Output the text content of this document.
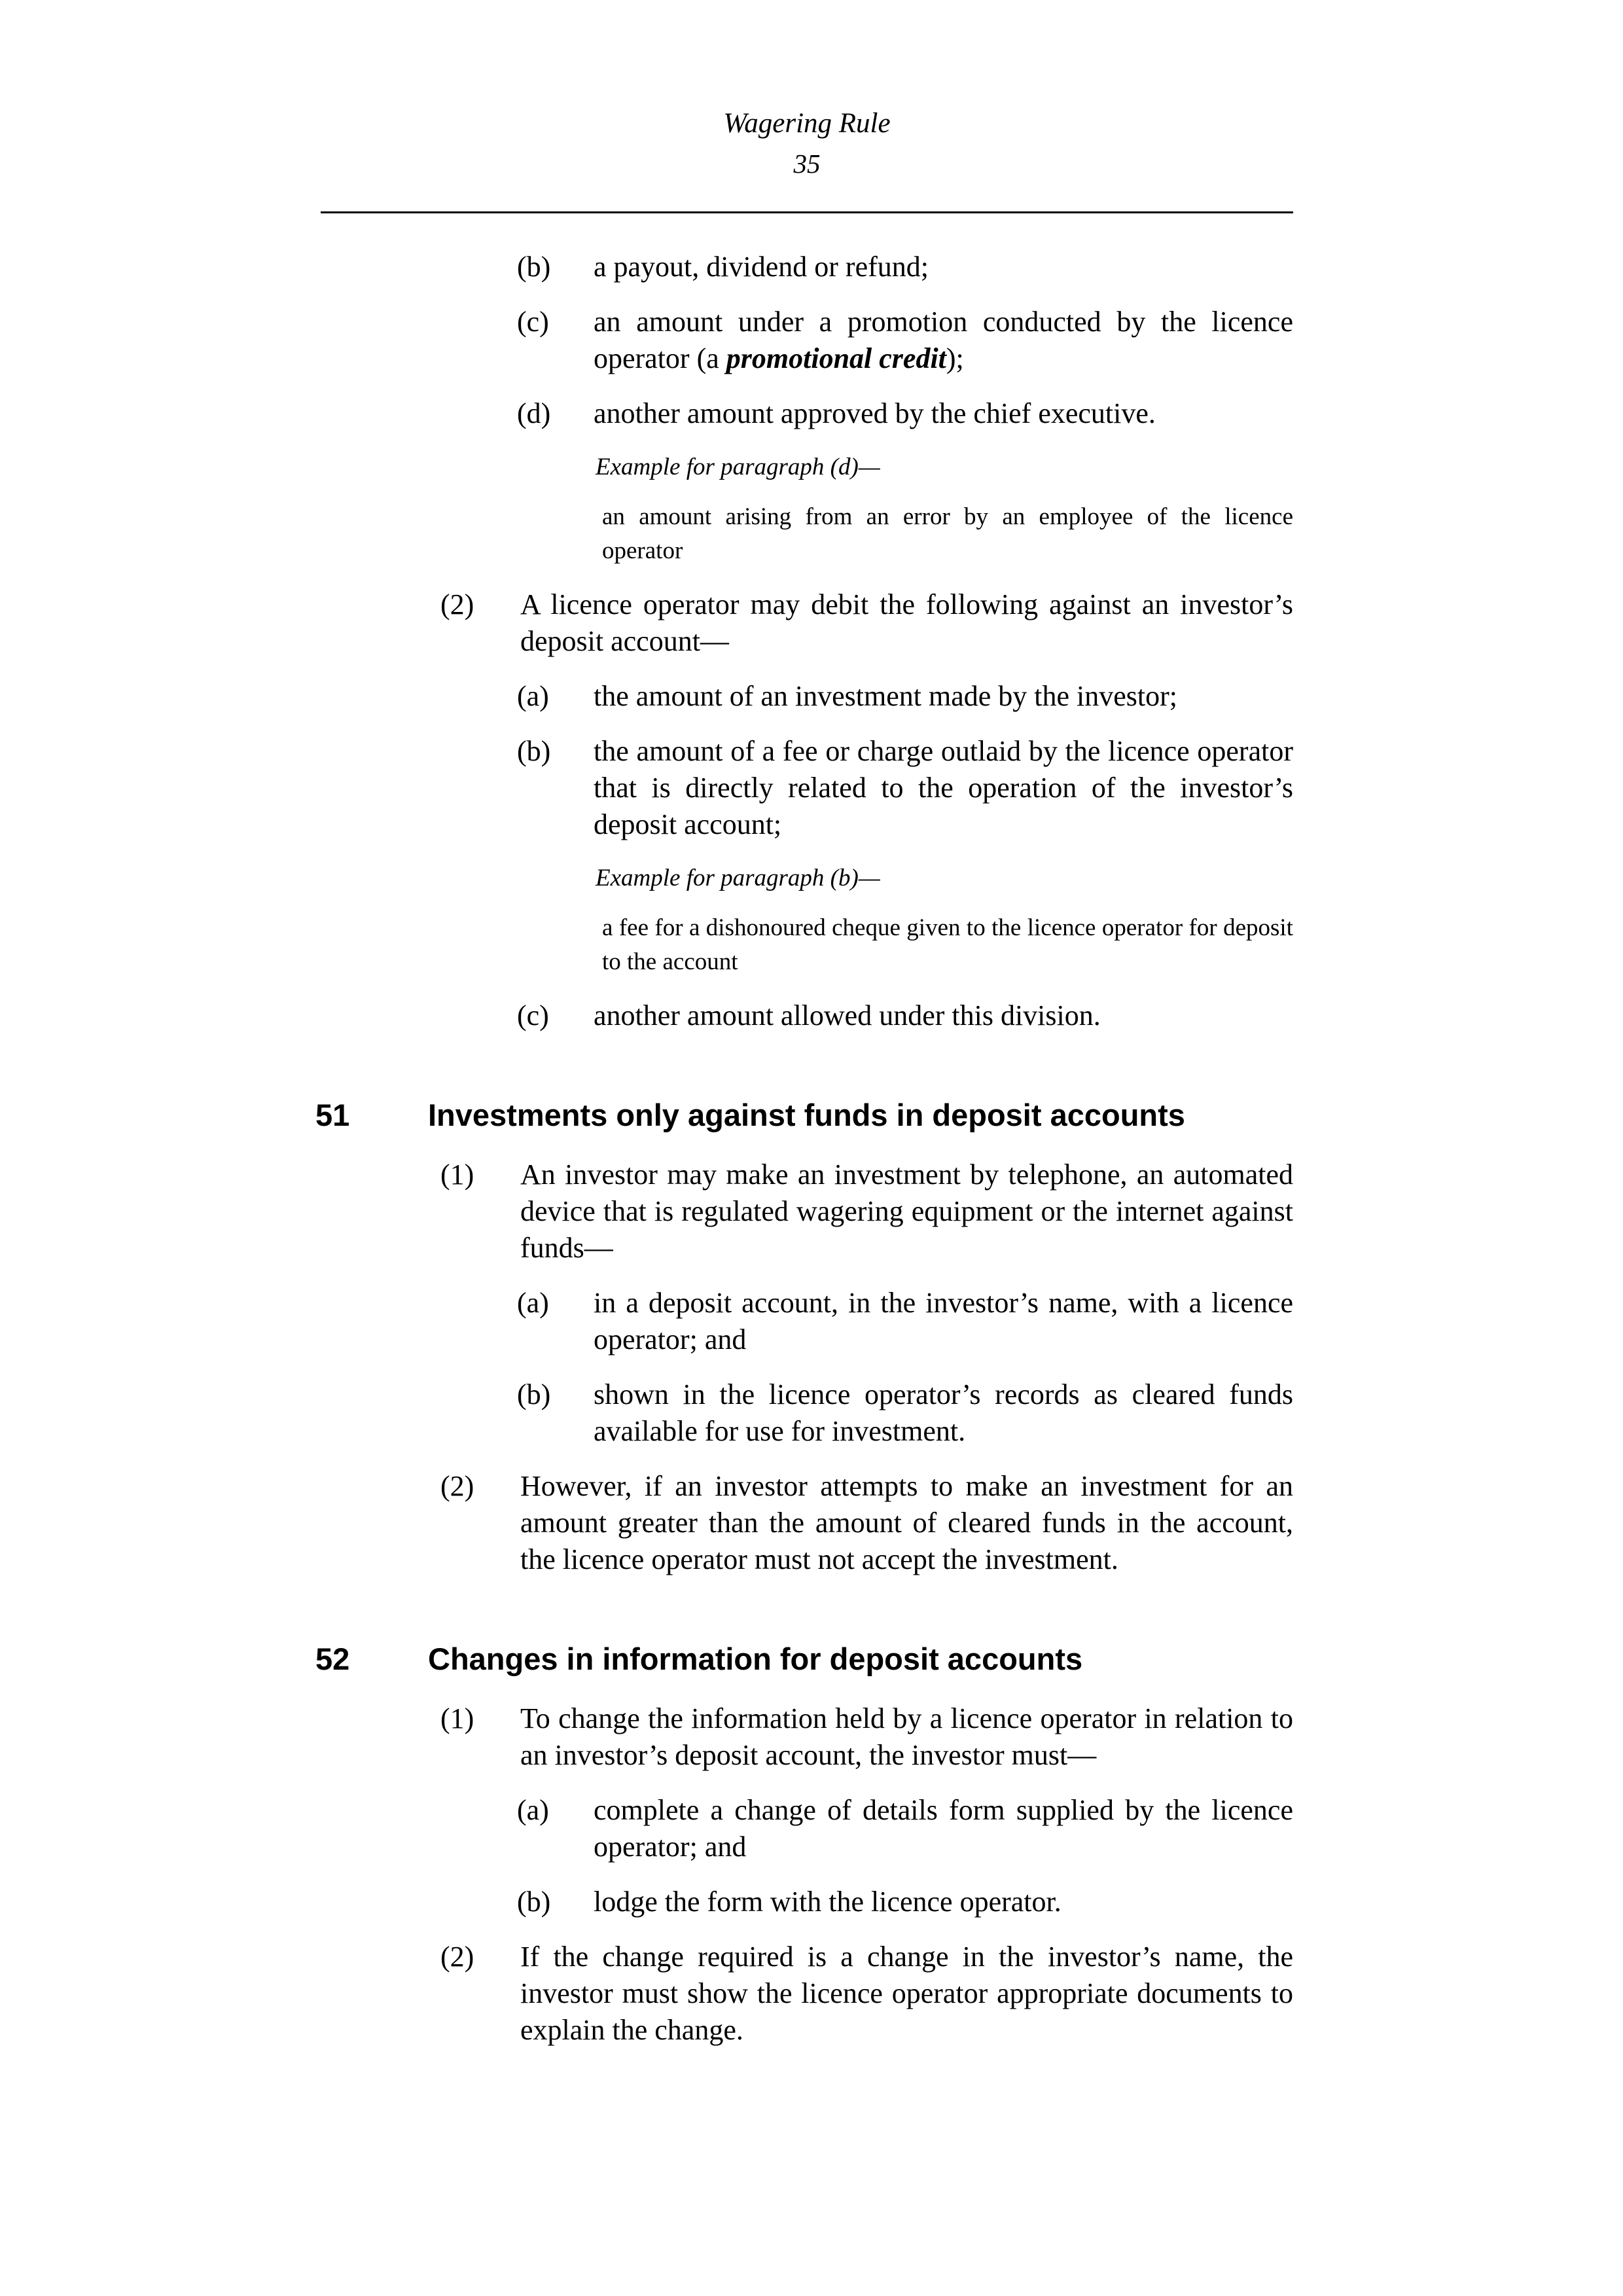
Wagering Rule
35
(b)	a payout, dividend or refund;
(c)	an amount under a promotion conducted by the licence operator (a promotional credit);
(d)	another amount approved by the chief executive.
Example for paragraph (d)—
an amount arising from an error by an employee of the licence operator
(2)	A licence operator may debit the following against an investor’s deposit account—
(a)	the amount of an investment made by the investor;
(b)	the amount of a fee or charge outlaid by the licence operator that is directly related to the operation of the investor’s deposit account;
Example for paragraph (b)—
a fee for a dishonoured cheque given to the licence operator for deposit to the account
(c)	another amount allowed under this division.
51	Investments only against funds in deposit accounts
(1)	An investor may make an investment by telephone, an automated device that is regulated wagering equipment or the internet against funds—
(a)	in a deposit account, in the investor’s name, with a licence operator; and
(b)	shown in the licence operator’s records as cleared funds available for use for investment.
(2)	However, if an investor attempts to make an investment for an amount greater than the amount of cleared funds in the account, the licence operator must not accept the investment.
52	Changes in information for deposit accounts
(1)	To change the information held by a licence operator in relation to an investor’s deposit account, the investor must—
(a)	complete a change of details form supplied by the licence operator; and
(b)	lodge the form with the licence operator.
(2)	If the change required is a change in the investor’s name, the investor must show the licence operator appropriate documents to explain the change.
